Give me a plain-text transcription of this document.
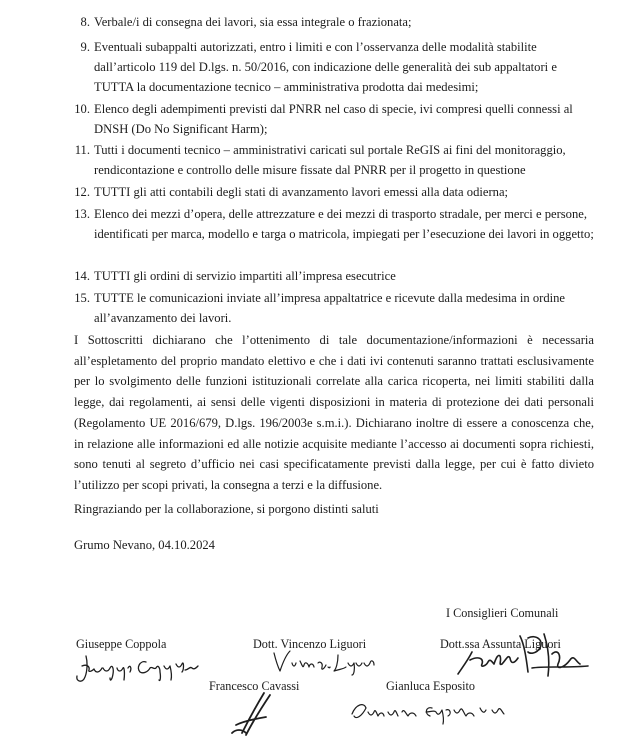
8. Verbale/i di consegna dei lavori, sia essa integrale o frazionata;
9. Eventuali subappalti autorizzati, entro i limiti e con l’osservanza delle modalità stabilite dall’articolo 119 del D.lgs. n. 50/2016, con indicazione delle generalità dei sub appaltatori e TUTTA la documentazione tecnico – amministrativa prodotta dai medesimi;
10. Elenco degli adempimenti previsti dal PNRR nel caso di specie, ivi compresi quelli connessi al DNSH (Do No Significant Harm);
11. Tutti i documenti tecnico – amministrativi caricati sul portale ReGIS ai fini del monitoraggio, rendicontazione e controllo delle misure fissate dal PNRR per il progetto in questione
12. TUTTI gli atti contabili degli stati di avanzamento lavori emessi alla data odierna;
13. Elenco dei mezzi d’opera, delle attrezzature e dei mezzi di trasporto stradale, per merci e persone, identificati per marca, modello e targa o matricola, impiegati per l’esecuzione dei lavori in oggetto;
14. TUTTI gli ordini di servizio impartiti all’impresa esecutrice
15. TUTTE le comunicazioni inviate all’impresa appaltatrice e ricevute dalla medesima in ordine all’avanzamento dei lavori.
I Sottoscritti dichiarano che l’ottenimento di tale documentazione/informazioni è necessaria all’espletamento del proprio mandato elettivo e che i dati ivi contenuti saranno trattati esclusivamente per lo svolgimento delle funzioni istituzionali correlate alla carica ricoperta, nei limiti stabiliti dalla legge, dai regolamenti, ai sensi delle vigenti disposizioni in materia di protezione dei dati personali (Regolamento UE 2016/679, D.lgs. 196/2003e s.m.i.). Dichiarano inoltre di essere a conoscenza che, in relazione alle informazioni ed alle notizie acquisite mediante l’accesso ai documenti sopra richiesti, sono tenuti al segreto d’ufficio nei casi specificatamente previsti dalla legge, per cui è fatto divieto l’utilizzo per scopi privati, la consegna a terzi e la diffusione.
Ringraziando per la collaborazione, si porgono distinti saluti
Grumo Nevano, 04.10.2024
I Consiglieri Comunali
Giuseppe Coppola	Dott. Vincenzo Liguori	Dott.ssa Assunta Liguori
Francesco Cavassi	Gianluca Esposito
